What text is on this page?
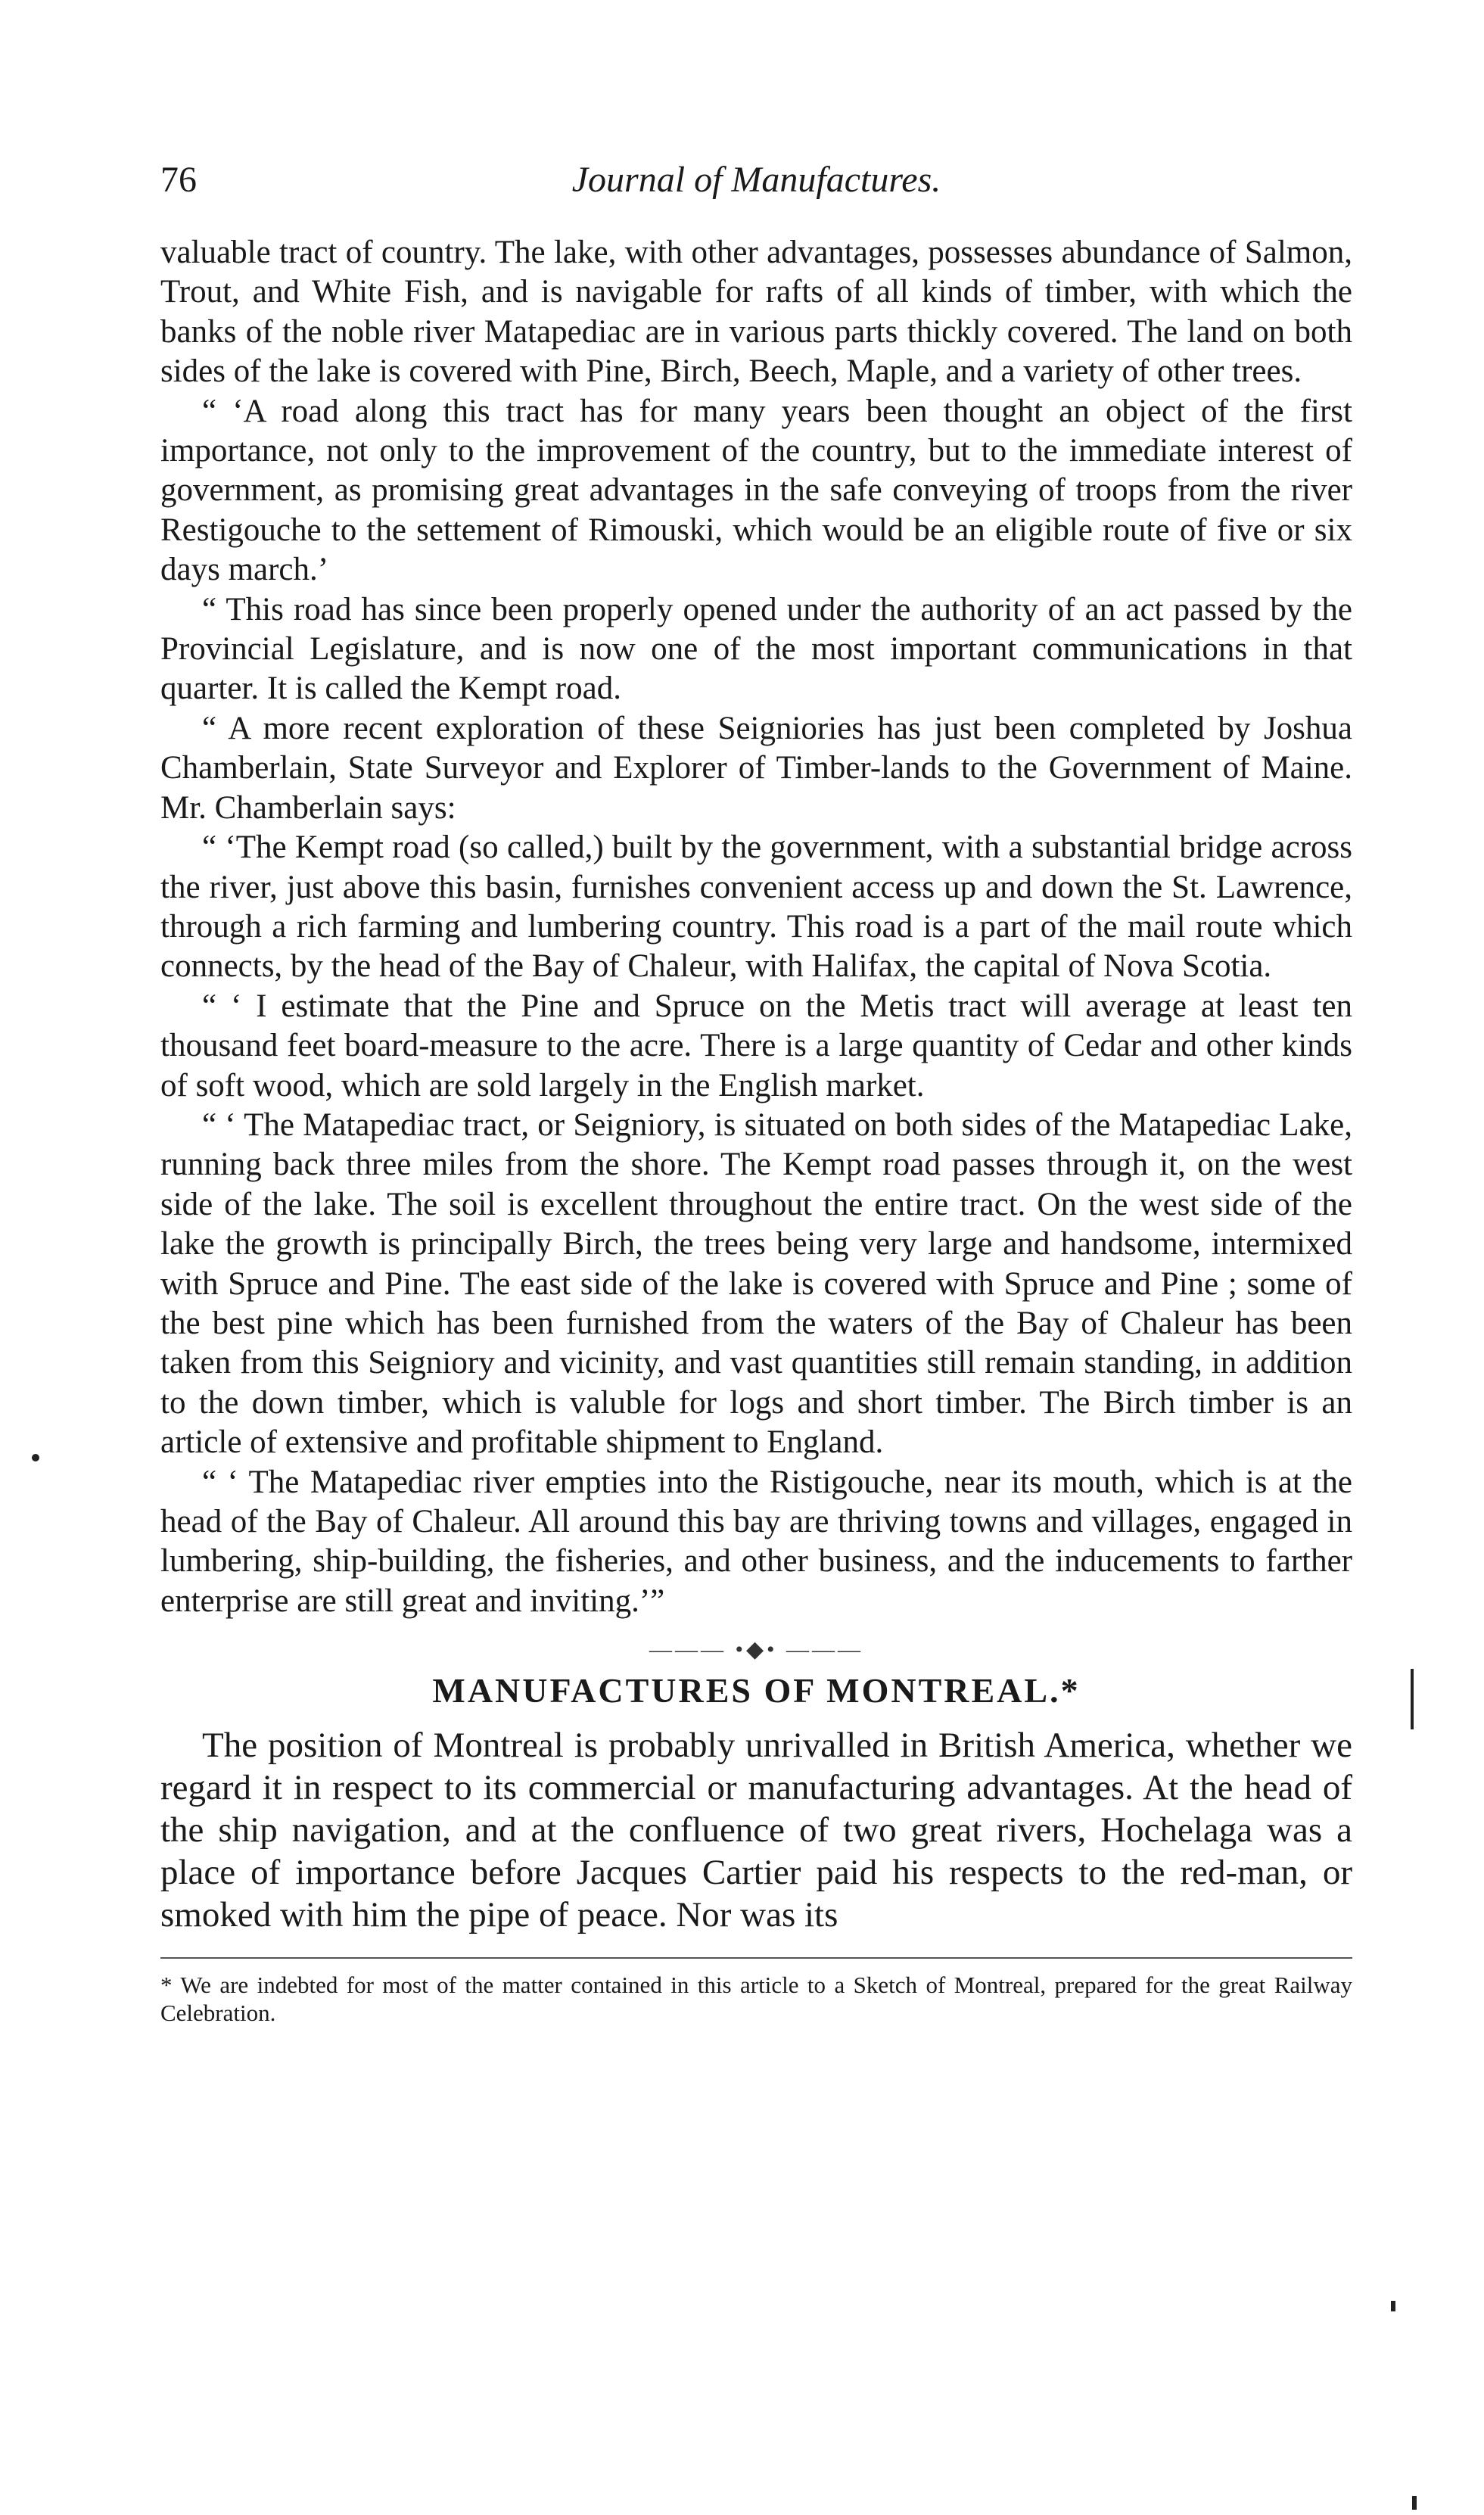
76	Journal of Manufactures.

valuable tract of country. The lake, with other advantages, possesses abundance of Salmon, Trout, and White Fish, and is navigable for rafts of all kinds of timber, with which the banks of the noble river Matapediac are in various parts thickly covered. The land on both sides of the lake is covered with Pine, Birch, Beech, Maple, and a variety of other trees.

“ ‘A road along this tract has for many years been thought an object of the first importance, not only to the improvement of the country, but to the immediate interest of government, as promising great advantages in the safe conveying of troops from the river Restigouche to the settement of Rimouski, which would be an eligible route of five or six days march.’

“ This road has since been properly opened under the authority of an act passed by the Provincial Legislature, and is now one of the most important communications in that quarter. It is called the Kempt road.

“ A more recent exploration of these Seigniories has just been completed by Joshua Chamberlain, State Surveyor and Explorer of Timber-lands to the Government of Maine. Mr. Chamberlain says:

“ ‘The Kempt road (so called,) built by the government, with a substantial bridge across the river, just above this basin, furnishes convenient access up and down the St. Lawrence, through a rich farming and lumbering country. This road is a part of the mail route which connects, by the head of the Bay of Chaleur, with Halifax, the capital of Nova Scotia.

“ ‘ I estimate that the Pine and Spruce on the Metis tract will average at least ten thousand feet board-measure to the acre. There is a large quantity of Cedar and other kinds of soft wood, which are sold largely in the English market.

“ ‘ The Matapediac tract, or Seigniory, is situated on both sides of the Matapediac Lake, running back three miles from the shore. The Kempt road passes through it, on the west side of the lake. The soil is excellent throughout the entire tract. On the west side of the lake the growth is principally Birch, the trees being very large and handsome, intermixed with Spruce and Pine. The east side of the lake is covered with Spruce and Pine ; some of the best pine which has been furnished from the waters of the Bay of Chaleur has been taken from this Seigniory and vicinity, and vast quantities still remain standing, in addition to the down timber, which is valuble for logs and short timber. The Birch timber is an article of extensive and profitable shipment to England.

“ ‘ The Matapediac river empties into the Ristigouche, near its mouth, which is at the head of the Bay of Chaleur. All around this bay are thriving towns and villages, engaged in lumbering, ship-building, the fisheries, and other business, and the inducements to farther enterprise are still great and inviting.’”

——— •◆• ———
MANUFACTURES OF MONTREAL.*

The position of Montreal is probably unrivalled in British America, whether we regard it in respect to its commercial or manufacturing advantages. At the head of the ship navigation, and at the confluence of two great rivers, Hochelaga was a place of importance before Jacques Cartier paid his respects to the red-man, or smoked with him the pipe of peace. Nor was its

* We are indebted for most of the matter contained in this article to a Sketch of Montreal, prepared for the great Railway Celebration.
